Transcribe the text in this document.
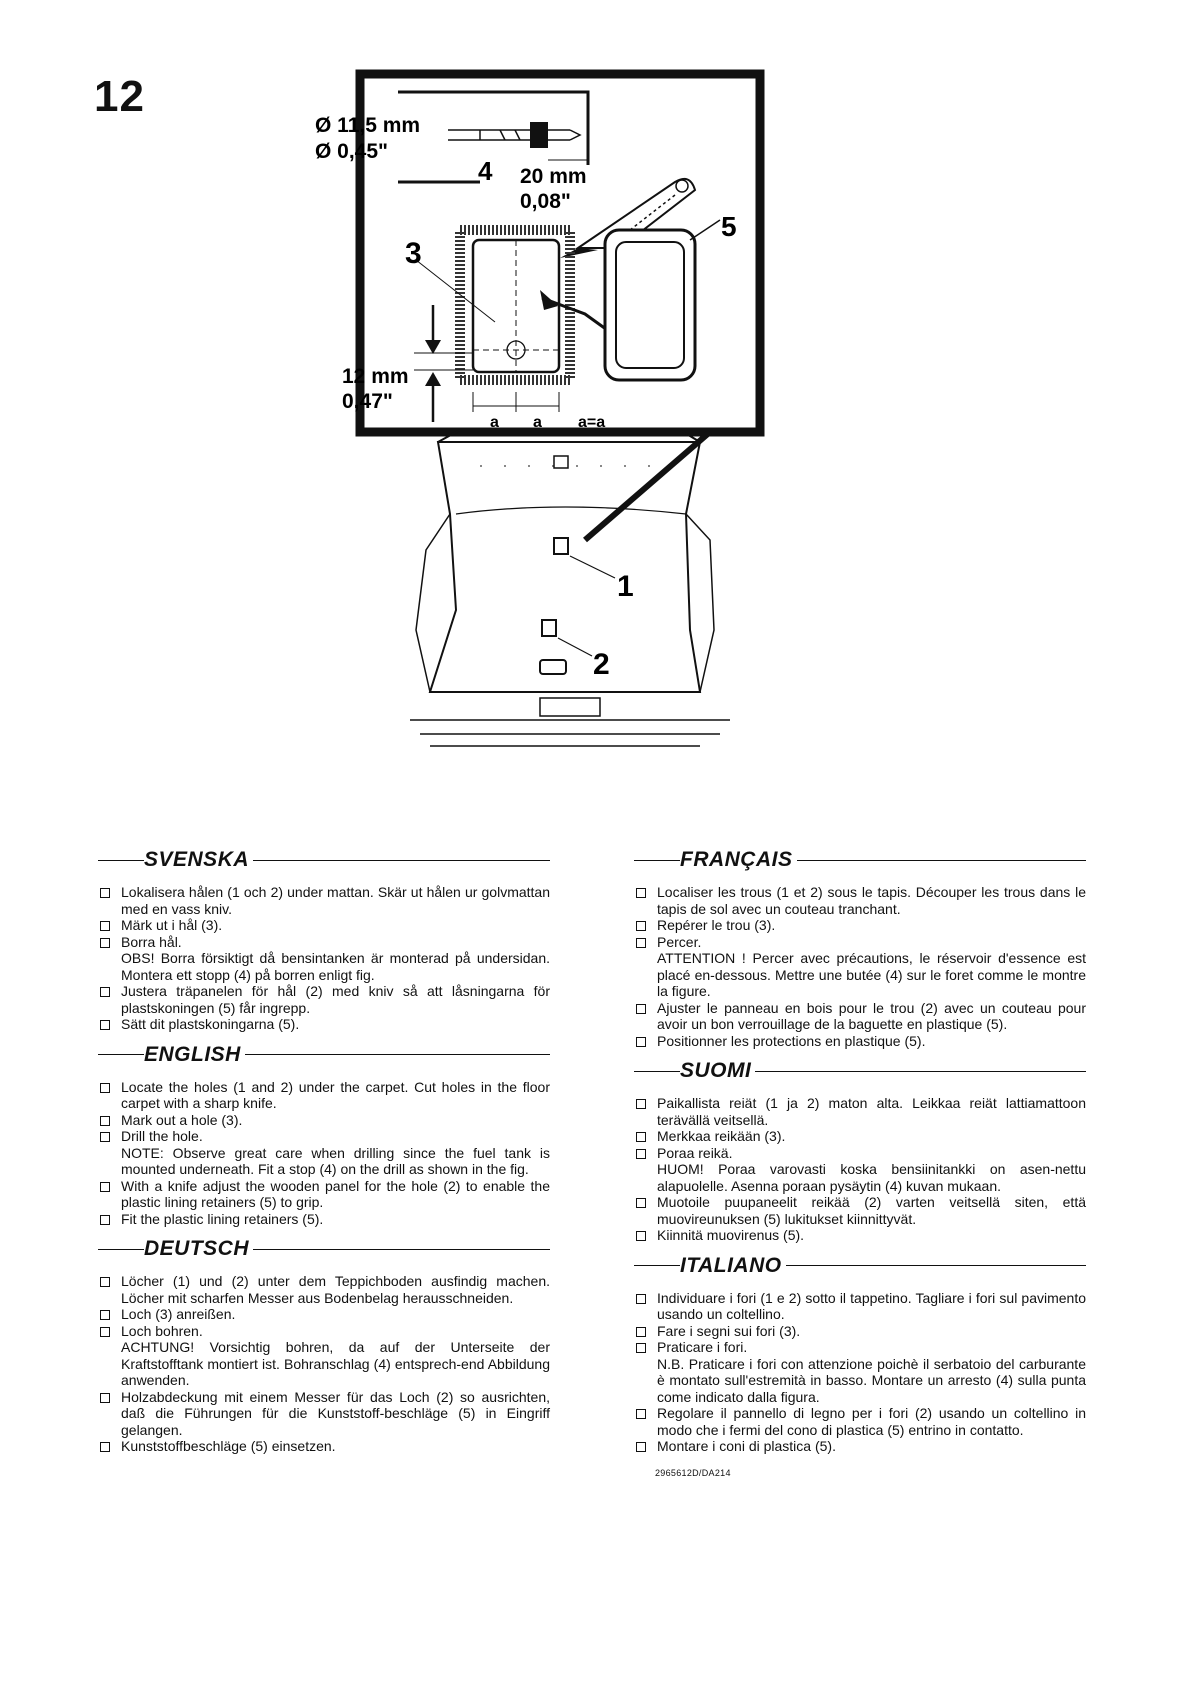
12
Ø 11,5 mm
Ø 0,45"
4 20 mm
0,08"
3
5
12 mm
0,47"
a a a=a
1
2
SVENSKA
Lokalisera hålen (1 och 2) under mattan. Skär ut hålen ur golvmattan med en vass kniv.
Märk ut i hål (3).
Borra hål.
OBS! Borra försiktigt då bensintanken är monterad på undersidan. Montera ett stopp (4) på borren enligt fig.
Justera träpanelen för hål (2) med kniv så att låsningarna för plastskoningen (5) får ingrepp.
Sätt dit plastskoningarna (5).
ENGLISH
Locate the holes (1 and 2) under the carpet. Cut holes in the floor carpet with a sharp knife.
Mark out a hole (3).
Drill the hole.
NOTE: Observe great care when drilling since the fuel tank is mounted underneath. Fit a stop (4) on the drill as shown in the fig.
With a knife adjust the wooden panel for the hole (2) to enable the plastic lining retainers (5) to grip.
Fit the plastic lining retainers (5).
DEUTSCH
Löcher (1) und (2) unter dem Teppichboden ausfindig machen. Löcher mit scharfen Messer aus Bodenbelag herausschneiden.
Loch (3) anreißen.
Loch bohren.
ACHTUNG! Vorsichtig bohren, da auf der Unterseite der Kraftstofftank montiert ist. Bohranschlag (4) entsprech-end Abbildung anwenden.
Holzabdeckung mit einem Messer für das Loch (2) so ausrichten, daß die Führungen für die Kunststoff-beschläge (5) in Eingriff gelangen.
Kunststoffbeschläge (5) einsetzen.
FRANÇAIS
Localiser les trous (1 et 2) sous le tapis. Découper les trous dans le tapis de sol avec un couteau tranchant.
Repérer le trou (3).
Percer.
ATTENTION ! Percer avec précautions, le réservoir d'essence est placé en-dessous. Mettre une butée (4) sur le foret comme le montre la figure.
Ajuster le panneau en bois pour le trou (2) avec un couteau pour avoir un bon verrouillage de la baguette en plastique (5).
Positionner les protections en plastique (5).
SUOMI
Paikallista reiät (1 ja 2) maton alta. Leikkaa reiät lattiamattoon terävällä veitsellä.
Merkkaa reikään (3).
Poraa reikä.
HUOM! Poraa varovasti koska bensiinitankki on asen-nettu alapuolelle. Asenna poraan pysäytin (4) kuvan mukaan.
Muotoile puupaneelit reikää (2) varten veitsellä siten, että muovireunuksen (5) lukitukset kiinnittyvät.
Kiinnitä muovirenus (5).
ITALIANO
Individuare i fori (1 e 2) sotto il tappetino. Tagliare i fori sul pavimento usando un coltellino.
Fare i segni sui fori (3).
Praticare i fori.
N.B. Praticare i fori con attenzione poichè il serbatoio del carburante è montato sull'estremità in basso. Montare un arresto (4) sulla punta come indicato dalla figura.
Regolare il pannello di legno per i fori (2) usando un coltellino in modo che i fermi del cono di plastica (5) entrino in contatto.
Montare i coni di plastica (5).
2965612D/DA214
